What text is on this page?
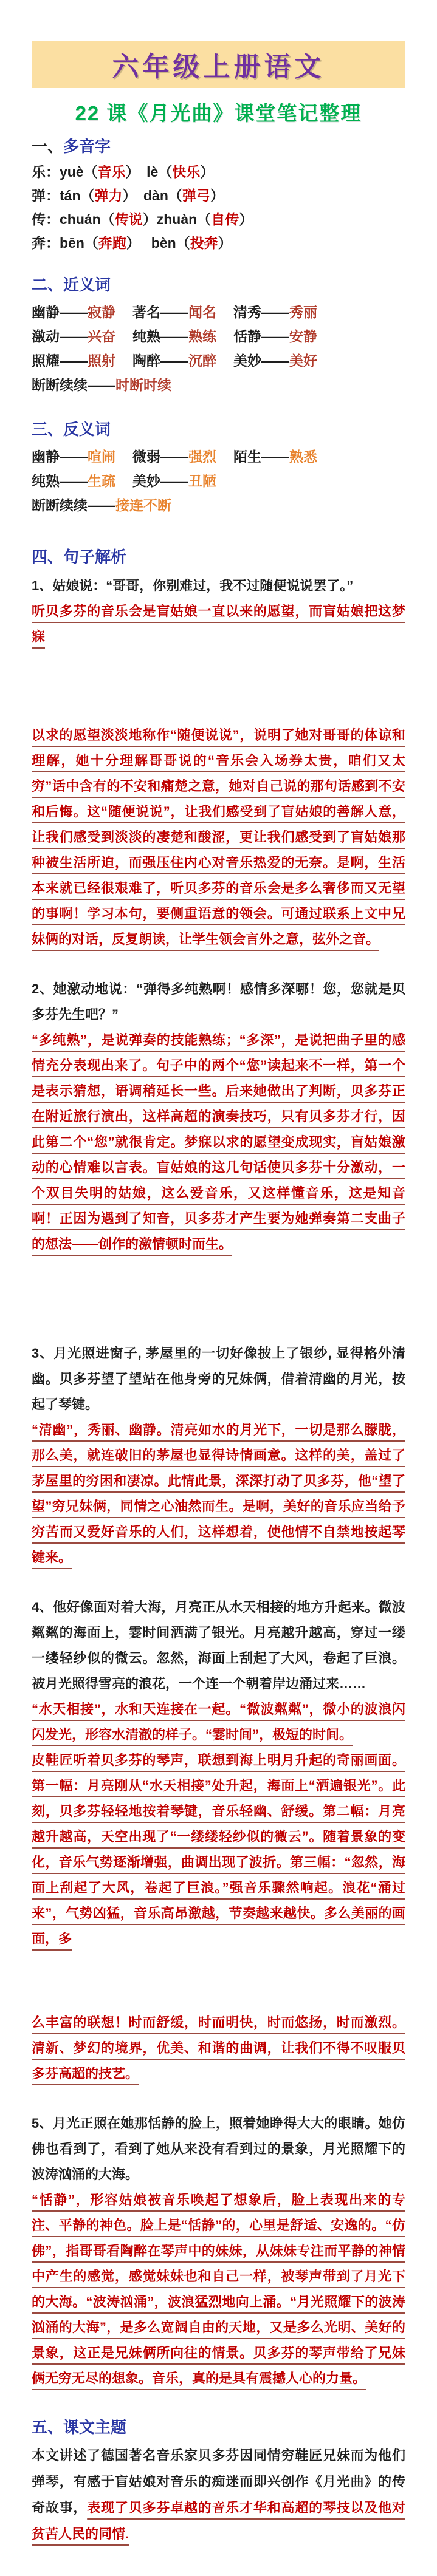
六年级上册语文
22 课《月光曲》课堂笔记整理
一、多音字

乐：yuè（音乐）　lè（快乐）

弹：tán（弹力）　dàn（弹弓）

传：chuán（传说）zhuàn（自传）

奔：bēn（奔跑）　 bèn（投奔）

二、近义词
幽静——寂静	著名——闻名	清秀——秀丽
激动——兴奋	纯熟——熟练	恬静——安静
照耀——照射	陶醉——沉醉	美妙——美好
断断续续——时断时续
三、反义词
幽静——喧闹	微弱——强烈	陌生——熟悉
纯熟——生疏	美妙——丑陋
断断续续——接连不断
四、句子解析

1、姑娘说：“哥哥，你别难过，我不过随便说说罢了。”

听贝多芬的音乐会是盲姑娘一直以来的愿望，而盲姑娘把这梦寐

以求的愿望淡淡地称作“随便说说”，说明了她对哥哥的体谅和理解，她十分理解哥哥说的“音乐会入场券太贵，咱们又太穷”话中含有的不安和痛楚之意，她对自己说的那句话感到不安和后悔。这“随便说说”，让我们感受到了盲姑娘的善解人意，让我们感受到淡淡的凄楚和酸涩，更让我们感受到了盲姑娘那种被生活所迫，而强压住内心对音乐热爱的无奈。是啊，生活本来就已经很艰难了，听贝多芬的音乐会是多么奢侈而又无望的事啊！学习本句，要侧重语意的领会。可通过联系上文中兄妹俩的对话，反复朗读，让学生领会言外之意，弦外之音。

2、她激动地说：“弹得多纯熟啊！感情多深哪！您，您就是贝多芬先生吧？”

“多纯熟”，是说弹奏的技能熟练；“多深”，是说把曲子里的感情充分表现出来了。句子中的两个“您”读起来不一样，第一个是表示猜想，语调稍延长一些。后来她做出了判断，贝多芬正在附近旅行演出，这样高超的演奏技巧，只有贝多芬才行，因此第二个“您”就很肯定。梦寐以求的愿望变成现实，盲姑娘激动的心情难以言表。盲姑娘的这几句话使贝多芬十分激动，一个双目失明的姑娘，这么爱音乐，又这样懂音乐，这是知音啊！正因为遇到了知音，贝多芬才产生要为她弹奏第二支曲子的想法——创作的激情顿时而生。

3、月光照进窗子, 茅屋里的一切好像披上了银纱, 显得格外清幽。贝多芬望了望站在他身旁的兄妹俩，借着清幽的月光，按起了琴键。

“清幽”，秀丽、幽静。清亮如水的月光下，一切是那么朦胧，那么美，就连破旧的茅屋也显得诗情画意。这样的美，盖过了茅屋里的穷困和凄凉。此情此景，深深打动了贝多芬，他“望了望”穷兄妹俩，同情之心油然而生。是啊，美好的音乐应当给予穷苦而又爱好音乐的人们，这样想着，使他情不自禁地按起琴键来。

4、他好像面对着大海，月亮正从水天相接的地方升起来。微波粼粼的海面上，霎时间洒满了银光。月亮越升越高，穿过一缕一缕轻纱似的微云。忽然，海面上刮起了大风，卷起了巨浪。被月光照得雪亮的浪花，一个连一个朝着岸边涌过来……

“水天相接”，水和天连接在一起。“微波粼粼”，微小的波浪闪闪发光，形容水清澈的样子。“霎时间”，极短的时间。

皮鞋匠听着贝多芬的琴声，联想到海上明月升起的奇丽画面。第一幅：月亮刚从“水天相接”处升起，海面上“洒遍银光”。此刻，贝多芬轻轻地按着琴键，音乐轻幽、舒缓。第二幅：月亮越升越高，天空出现了“一缕缕轻纱似的微云”。随着景象的变化，音乐气势逐渐增强，曲调出现了波折。第三幅：“忽然，海面上刮起了大风，卷起了巨浪。”强音乐骤然响起。浪花“涌过来”，气势凶猛，音乐高昂激越，节奏越来越快。多么美丽的画面，多

么丰富的联想！时而舒缓，时而明快，时而悠扬，时而激烈。清新、梦幻的境界，优美、和谐的曲调，让我们不得不叹服贝多芬高超的技艺。

5、月光正照在她那恬静的脸上，照着她睁得大大的眼睛。她仿佛也看到了，看到了她从来没有看到过的景象，月光照耀下的波涛汹涌的大海。

“恬静”，形容姑娘被音乐唤起了想象后，脸上表现出来的专注、平静的神色。脸上是“恬静”的，心里是舒适、安逸的。“仿佛”，指哥哥看陶醉在琴声中的妹妹，从妹妹专注而平静的神情中产生的感觉，感觉妹妹也和自己一样，被琴声带到了月光下的大海。“波涛汹涌”，波浪猛烈地向上涌。“月光照耀下的波涛汹涌的大海”，是多么宽阔自由的天地，又是多么光明、美好的景象，这正是兄妹俩所向往的情景。贝多芬的琴声带给了兄妹俩无穷无尽的想象。音乐，真的是具有震撼人心的力量。

五、课文主题

本文讲述了德国著名音乐家贝多芬因同情穷鞋匠兄妹而为他们弹琴，有感于盲姑娘对音乐的痴迷而即兴创作《月光曲》的传奇故事，表现了贝多芬卓越的音乐才华和高超的琴技以及他对贫苦人民的同情.
